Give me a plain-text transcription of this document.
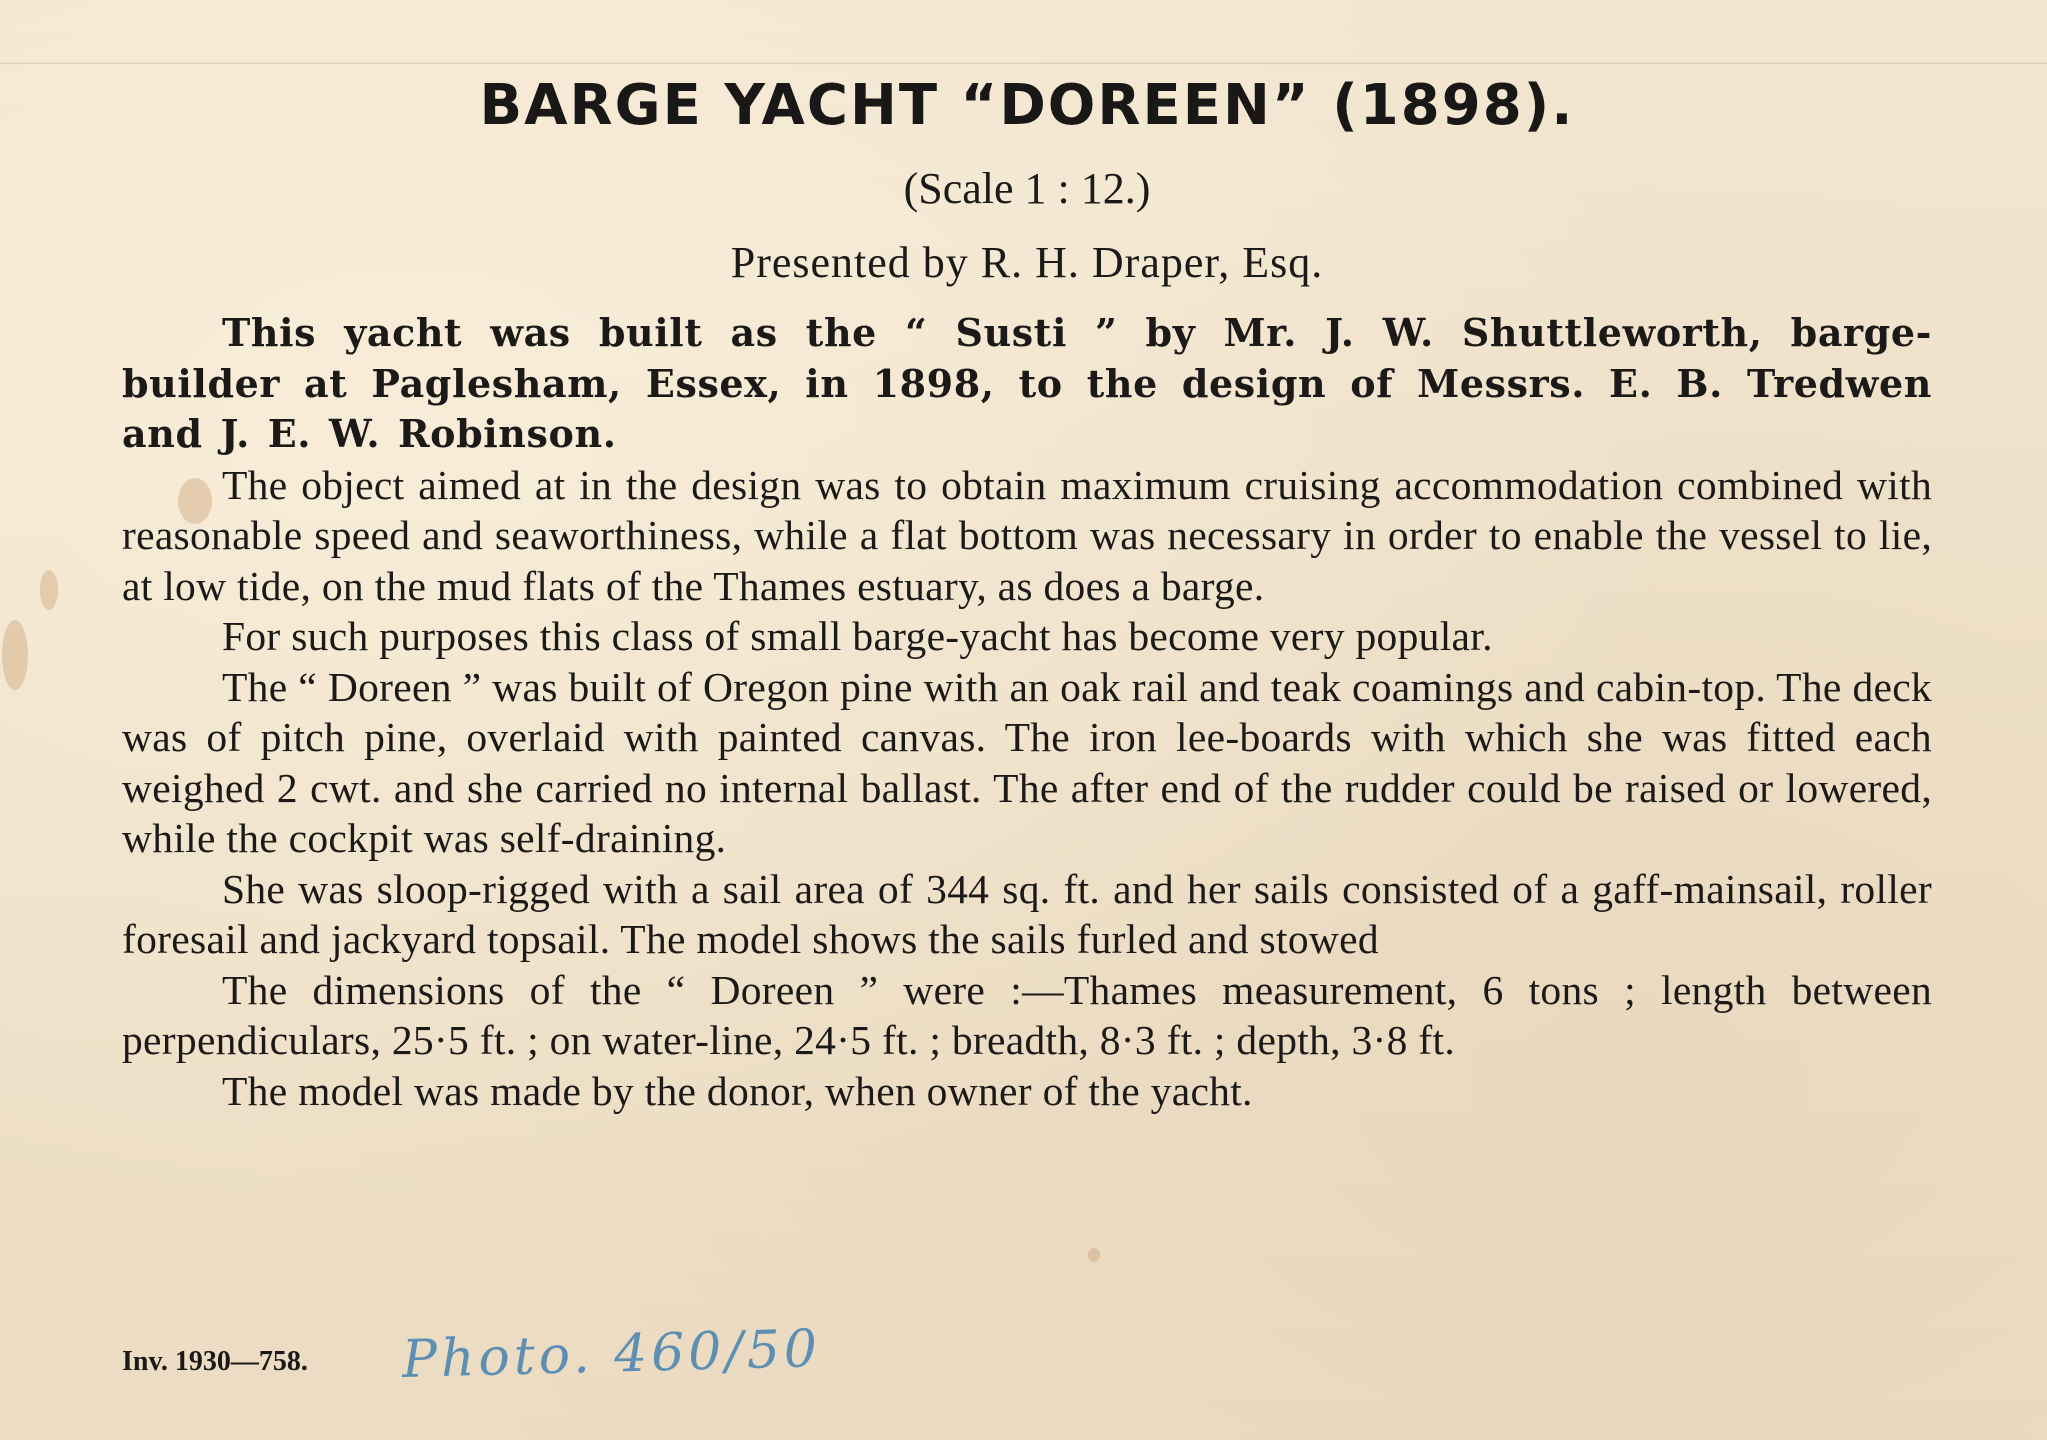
BARGE YACHT “DOREEN” (1898).
(Scale 1 : 12.)
Presented by R. H. Draper, Esq.

This yacht was built as the “ Susti ” by Mr. J. W. Shuttleworth, barge-builder at Paglesham, Essex, in 1898, to the design of Messrs. E. B. Tredwen and J. E. W. Robinson.

The object aimed at in the design was to obtain maximum cruising accommodation combined with reasonable speed and seaworthiness, while a flat bottom was necessary in order to enable the vessel to lie, at low tide, on the mud flats of the Thames estuary, as does a barge.

For such purposes this class of small barge-yacht has become very popular.

The “ Doreen ” was built of Oregon pine with an oak rail and teak coamings and cabin-top. The deck was of pitch pine, overlaid with painted canvas. The iron lee-boards with which she was fitted each weighed 2 cwt. and she carried no internal ballast. The after end of the rudder could be raised or lowered, while the cockpit was self-draining.

She was sloop-rigged with a sail area of 344 sq. ft. and her sails consisted of a gaff-mainsail, roller foresail and jackyard topsail. The model shows the sails furled and stowed

The dimensions of the “ Doreen ” were :—Thames measurement, 6 tons ; length between perpendiculars, 25·5 ft. ; on water-line, 24·5 ft. ; breadth, 8·3 ft. ; depth, 3·8 ft.

The model was made by the donor, when owner of the yacht.

Inv. 1930—758. Photo. 460/50
